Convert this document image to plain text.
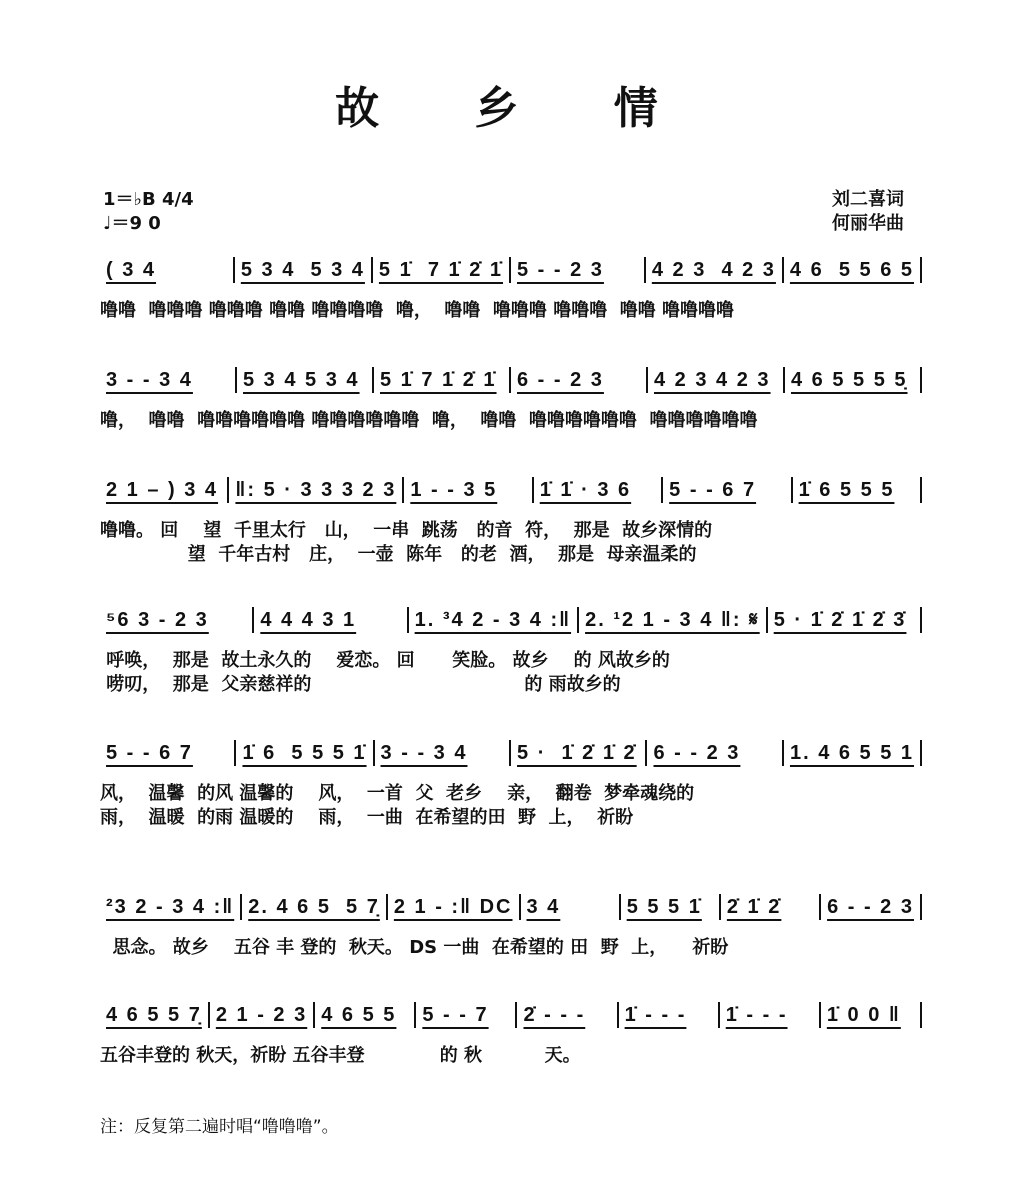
故 乡 情
1＝♭B 4/4
♩＝9 0
刘二喜词
何丽华曲
( 3 4	5 3 4  5 3 4 5 1̇  7 1̇ 2̇ 1̇ 5 - - 2 3	4 2 3  4 2 3 4 6  5 5 6 5
噜噜  噜噜噜 噜噜噜 噜噜 噜噜噜噜  噜，  噜噜  噜噜噜 噜噜噜  噜噜 噜噜噜噜
3 - - 3 4	5 3 4 5 3 4	5 1̇ 7 1̇ 2̇ 1̇	6 - - 2 3	4 2 3 4 2 3	4 6 5 5 5 5̣
噜，  噜噜  噜噜噜噜噜噜 噜噜噜噜噜噜  噜，  噜噜  噜噜噜噜噜噜  噜噜噜噜噜噜
2 1 – ) 3 4 ‖: 5 · 3 3 3 2 3 1 - - 3 5	1̇ 1̇ · 3 6	5 - - 6 7	1̇ 6 5 5 5
噜噜。 回    望  千里太行   山，  一串  跳荡   的音  符，  那是  故乡深情的
望  千年古村   庄，  一壶  陈年   的老  酒，  那是  母亲温柔的
⁵6 3 - 2 3	4 4 4 3 1	1. ³4 2 - 3 4 :‖ 2. ¹2 1 - 3 4 ‖: 𝄋 5 · 1̇ 2̇ 1̇ 2̇ 3̇
呼唤，  那是  故土永久的    爱恋。 回      笑脸。 故乡    的 风故乡的
唠叨，  那是  父亲慈祥的                                  的 雨故乡的
5 - - 6 7	1̇ 6  5 5 5 1̇ 3 - - 3 4	5 ·  1̇ 2̇ 1̇ 2̇ 6 - - 2 3	1. 4 6 5 5 1
风，  温馨  的风 温馨的    风，  一首  父  老乡    亲，  翻卷  梦牵魂绕的
雨，  温暖  的雨 温暖的    雨，  一曲  在希望的田  野  上，  祈盼
²3 2 - 3 4 :‖ 2. 4 6 5  5 7̣ 2 1 - :‖ DC 3 4	5 5 5 1̇	2̇ 1̇ 2̇	6 - - 2 3
思念。 故乡    五谷 丰 登的  秋天。 DS 一曲  在希望的 田  野  上，    祈盼
4 6 5 5 7̣ 2 1 - 2 3 4 6 5 5	5 - - 7	2̇ - - -	1̇ - - -	1̇ - - -	1̇ 0 0 ‖
五谷丰登的 秋天，祈盼 五谷丰登            的 秋          天。
注：反复第二遍时唱“噜噜噜”。
